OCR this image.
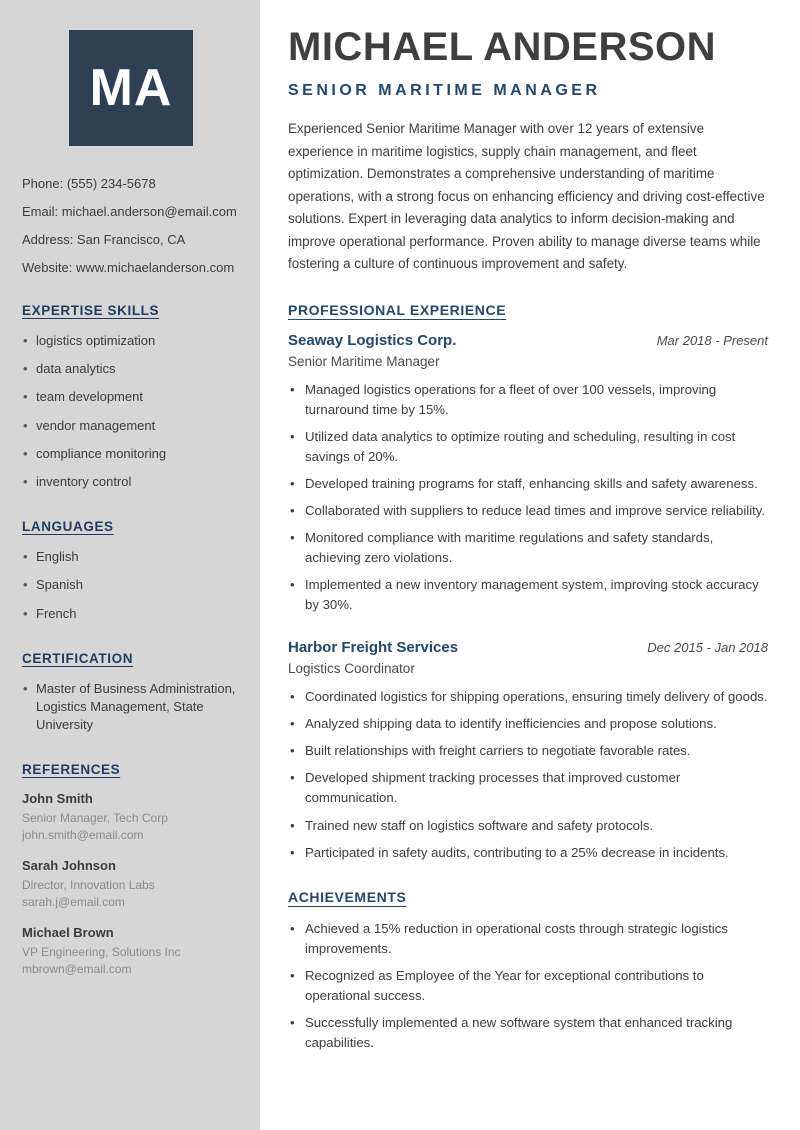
MA
Phone: (555) 234-5678
Email: michael.anderson@email.com
Address: San Francisco, CA
Website: www.michaelanderson.com
EXPERTISE SKILLS
• logistics optimization
• data analytics
• team development
• vendor management
• compliance monitoring
• inventory control
LANGUAGES
• English
• Spanish
• French
CERTIFICATION
• Master of Business Administration, Logistics Management, State University
REFERENCES
John Smith
Senior Manager, Tech Corp
john.smith@email.com
Sarah Johnson
Director, Innovation Labs
sarah.j@email.com
Michael Brown
VP Engineering, Solutions Inc
mbrown@email.com
MICHAEL ANDERSON
SENIOR MARITIME MANAGER

Experienced Senior Maritime Manager with over 12 years of extensive experience in maritime logistics, supply chain management, and fleet optimization. Demonstrates a comprehensive understanding of maritime operations, with a strong focus on enhancing efficiency and driving cost-effective solutions. Expert in leveraging data analytics to inform decision-making and improve operational performance. Proven ability to manage diverse teams while fostering a culture of continuous improvement and safety.

PROFESSIONAL EXPERIENCE
Seaway Logistics Corp.	Mar 2018 - Present
Senior Maritime Manager
• Managed logistics operations for a fleet of over 100 vessels, improving turnaround time by 15%.
• Utilized data analytics to optimize routing and scheduling, resulting in cost savings of 20%.
• Developed training programs for staff, enhancing skills and safety awareness.
• Collaborated with suppliers to reduce lead times and improve service reliability.
• Monitored compliance with maritime regulations and safety standards, achieving zero violations.
• Implemented a new inventory management system, improving stock accuracy by 30%.
Harbor Freight Services	Dec 2015 - Jan 2018
Logistics Coordinator
• Coordinated logistics for shipping operations, ensuring timely delivery of goods.
• Analyzed shipping data to identify inefficiencies and propose solutions.
• Built relationships with freight carriers to negotiate favorable rates.
• Developed shipment tracking processes that improved customer communication.
• Trained new staff on logistics software and safety protocols.
• Participated in safety audits, contributing to a 25% decrease in incidents.
ACHIEVEMENTS
• Achieved a 15% reduction in operational costs through strategic logistics improvements.
• Recognized as Employee of the Year for exceptional contributions to operational success.
• Successfully implemented a new software system that enhanced tracking capabilities.
